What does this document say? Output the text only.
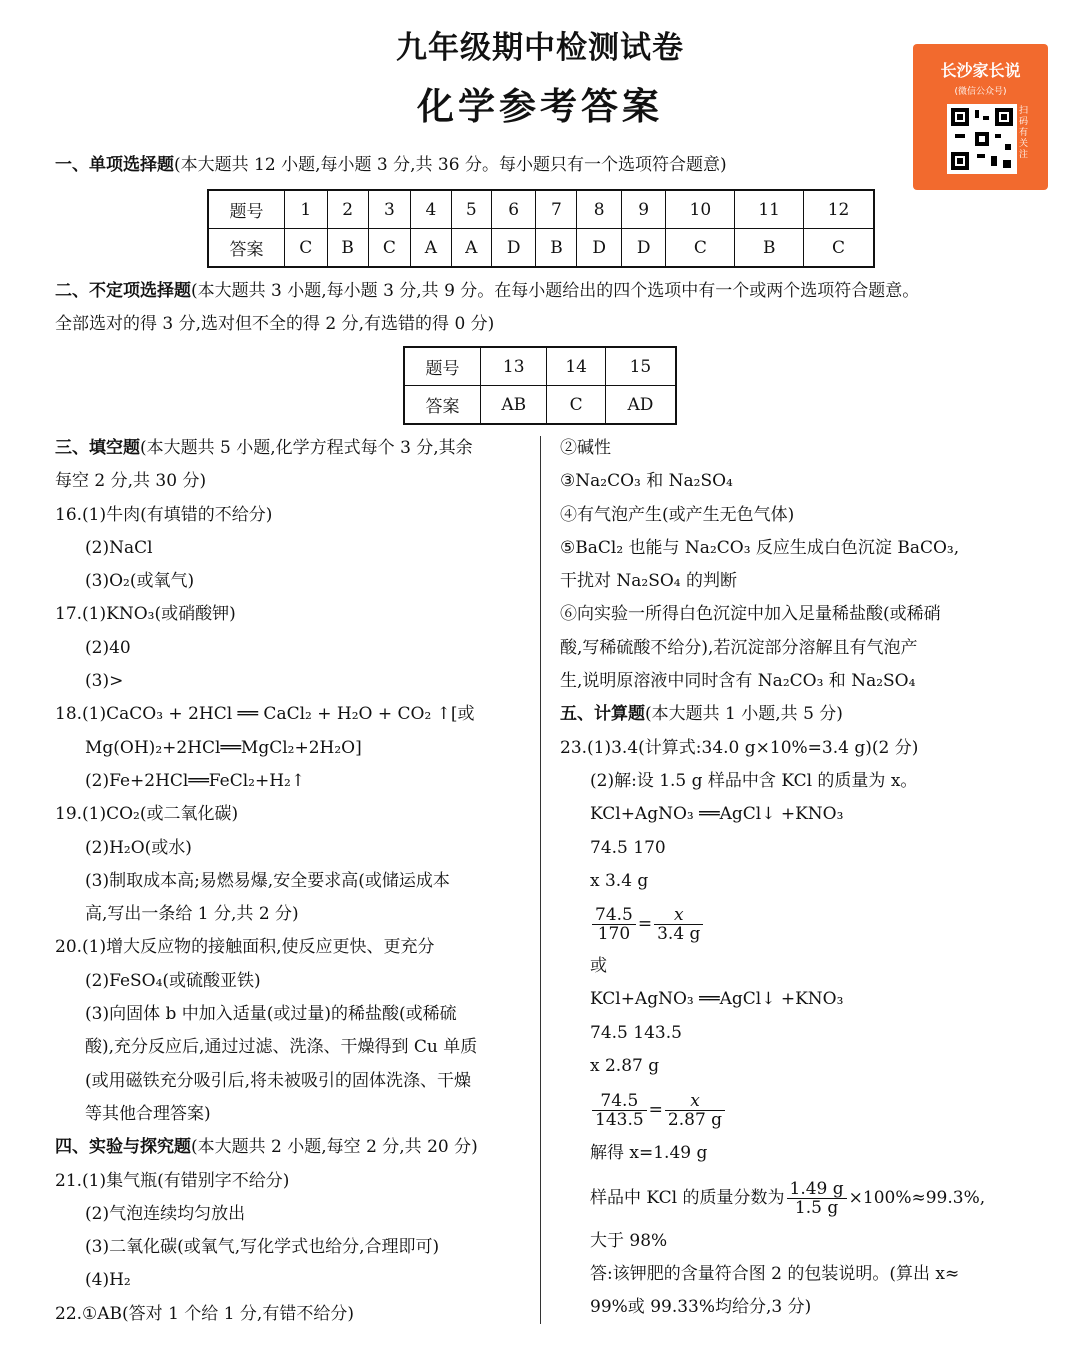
九年级期中检测试卷
化学参考答案
长沙家长说
(微信公众号)
扫码有关注
一、单项选择题(本大题共 12 小题,每小题 3 分,共 36 分。每小题只有一个选项符合题意)
题号	1	2	3	4	5	6	7	8	9	10	11	12
答案	C	B	C	A	A	D	B	D	D	C	B	C
二、不定项选择题(本大题共 3 小题,每小题 3 分,共 9 分。在每小题给出的四个选项中有一个或两个选项符合题意。
全部选对的得 3 分,选对但不全的得 2 分,有选错的得 0 分)
题号	13	14	15
答案	AB	C	AD
三、填空题(本大题共 5 小题,化学方程式每个 3 分,其余
每空 2 分,共 30 分)
16.(1)牛肉(有填错的不给分)
(2)NaCl
(3)O₂(或氧气)
17.(1)KNO₃(或硝酸钾)
(2)40
(3)>
18.(1)CaCO₃ + 2HCl ══ CaCl₂ + H₂O + CO₂ ↑[或
Mg(OH)₂+2HCl══MgCl₂+2H₂O]
(2)Fe+2HCl══FeCl₂+H₂↑
19.(1)CO₂(或二氧化碳)
(2)H₂O(或水)
(3)制取成本高;易燃易爆,安全要求高(或储运成本
高,写出一条给 1 分,共 2 分)
20.(1)增大反应物的接触面积,使反应更快、更充分
(2)FeSO₄(或硫酸亚铁)
(3)向固体 b 中加入适量(或过量)的稀盐酸(或稀硫
酸),充分反应后,通过过滤、洗涤、干燥得到 Cu 单质
(或用磁铁充分吸引后,将未被吸引的固体洗涤、干燥
等其他合理答案)
四、实验与探究题(本大题共 2 小题,每空 2 分,共 20 分)
21.(1)集气瓶(有错别字不给分)
(2)气泡连续均匀放出
(3)二氧化碳(或氧气,写化学式也给分,合理即可)
(4)H₂
22.①AB(答对 1 个给 1 分,有错不给分)
②碱性
③Na₂CO₃ 和 Na₂SO₄
④有气泡产生(或产生无色气体)
⑤BaCl₂ 也能与 Na₂CO₃ 反应生成白色沉淀 BaCO₃,
干扰对 Na₂SO₄ 的判断
⑥向实验一所得白色沉淀中加入足量稀盐酸(或稀硝
酸,写稀硫酸不给分),若沉淀部分溶解且有气泡产
生,说明原溶液中同时含有 Na₂CO₃ 和 Na₂SO₄
五、计算题(本大题共 1 小题,共 5 分)
23.(1)3.4(计算式:34.0 g×10%=3.4 g)(2 分)
(2)解:设 1.5 g 样品中含 KCl 的质量为 x。
KCl+AgNO₃ ══AgCl↓ +KNO₃
74.5 170
x 3.4 g
$\frac{74.5}{170} = \frac{x}{3.4 g}$
或
KCl+AgNO₃ ══AgCl↓ +KNO₃
74.5 143.5
x 2.87 g
$\frac{74.5}{143.5} = \frac{x}{2.87 g}$
解得 x=1.49 g
样品中 KCl 的质量分数为 $\frac{1.49 g}{1.5 g} \times 100\%\approx 99.3\%$,
大于 98%
答:该钾肥的含量符合图 2 的包装说明。(算出 x≈
99%或 99.33%均给分,3 分)
